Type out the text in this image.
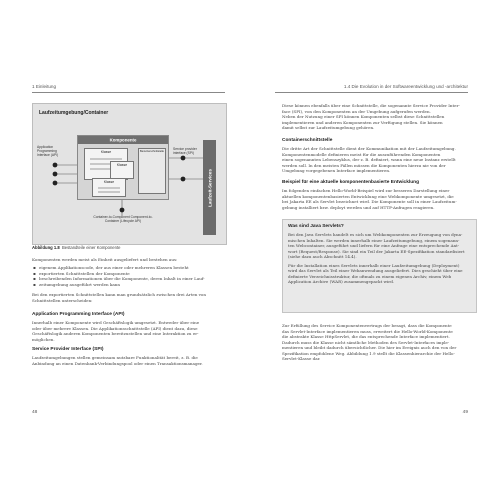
1 Einleitung
Laufzeitumgebung/Container
Application Programming Interface (API)
Komponente
Klasse
Klasse
Klasse
Benutzerschnittstelle
Service provider interface (SPI)
Container-to-Component Component-to-Container (Lifecycle API)
Laufzeit-Services
Abbildung 1.8 Bestandteile einer Komponente
Komponenten werden meist als Einheit ausgeliefert und bestehen aus:
▪ eigenem Applikationscode, der aus einer oder mehreren Klassen besteht
▪ exportierten Schnittstellen der Komponente
▪ beschreibenden Informationen über die Komponente, deren Inhalt in einer Lauf-
▪ zeitumgebung ausgeführt werden kann

Bei den exportierten Schnittstellen kann man grundsätzlich zwischen drei Arten von

Schnittstellen unterscheiden:

Application Programming Interface (API)

Innerhalb einer Komponente wird Geschäftslogik umgesetzt. Entweder über eine

oder über mehrere Klassen. Die Applikationsschnittstelle (API) dient dazu, diese

Geschäftslogik anderen Komponenten bereitzustellen und eine Interaktion zu er-

möglichen.

Service Provider Interface (SPI)

Laufzeitumgebungen stellen gemeinsam nutzbare Funktionalität bereit, z. B. die

Anbindung an einen Datenbank-Verbindungspool oder einen Transaktionsmanager.

48
1.4 Die Evolution in der Softwareentwicklung und -architektur

Diese können ebenfalls über eine Schnittstelle, die sogenannte Service Provider Inter-

face (SPI), von den Komponenten an der Umgebung aufgerufen werden.

Neben der Nutzung einer SPI können Komponenten selbst diese Schnittstellen

implementieren und anderen Komponenten zur Verfügung stellen. Sie können

damit selbst zur Laufzeitumgebung gehören.

Containerschnittstelle

Die dritte Art der Schnittstelle dient der Kommunikation mit der Laufzeitumgebung.

Komponentenmodelle definieren meist für die auszuführenden Komponenten

einen sogenannten Lebenszyklus, der z. B. definiert, wann eine neue Instanz erstellt

werden soll. In den meisten Fällen müssen die Komponenten hierzu nie von der

Umgebung vorgegebenen Interface implementieren.

Beispiel für eine aktuelle komponentenbasierte Entwicklung

Im folgenden einfachen Hello-World-Beispiel wird zur besseren Darstellung einer

aktuellen komponentenbasierten Entwicklung eine Webkomponente umgesetzt, die

bei Jakarta EE als Servlet bezeichnet wird. Die Komponente soll in einer Laufzeitum-

gebung installiert bzw. deployt werden und auf HTTP-Anfragen reagieren.

Was sind Java Servlets?

Bei den Java Servlets handelt es sich um Webkomponenten zur Erzeugung von dyna-

mischen Inhalten. Sie werden innerhalb einer Laufzeitumgebung, einem sogenann-

ten Webcontainer, ausgeführt und liefern für eine Anfrage eine entsprechende Ant-

wort (Request/Response). Sie sind ein Teil der Jakarta EE-Spezifikation standardisiert

(siehe dazu auch Abschnitt 14.4).

Für die Installation eines Servlets innerhalb einer Laufzeitumgebung (Deployment)

wird das Servlet als Teil einer Webanwendung ausgeliefert. Dies geschieht über eine

definierte Verzeichnisstruktur, die oftmals zu einem eigenen Archiv, einem Web

Application Archive (WAR) zusammengepackt wird.

Zur Erfüllung des Service Komponentenvertrags der besagt, dass die Komponente

das Servlet-Interface implementieren muss, erweitert die Hello-World-Komponente

die abstrakte Klasse HttpServlet, die das entsprechende Interface implementiert.

Dadurch muss die Klasse nicht sämtliche Methoden des Servlet-Interfaces imple-

mentieren und bleibt dadurch übersichtlicher. Die hier im Ereignis auch den von der

Spezifikation empfohlene Weg. Abbildung 1.9 stellt die Klassenhierarchie der Hello-

Servlet-Klasse dar.

49
